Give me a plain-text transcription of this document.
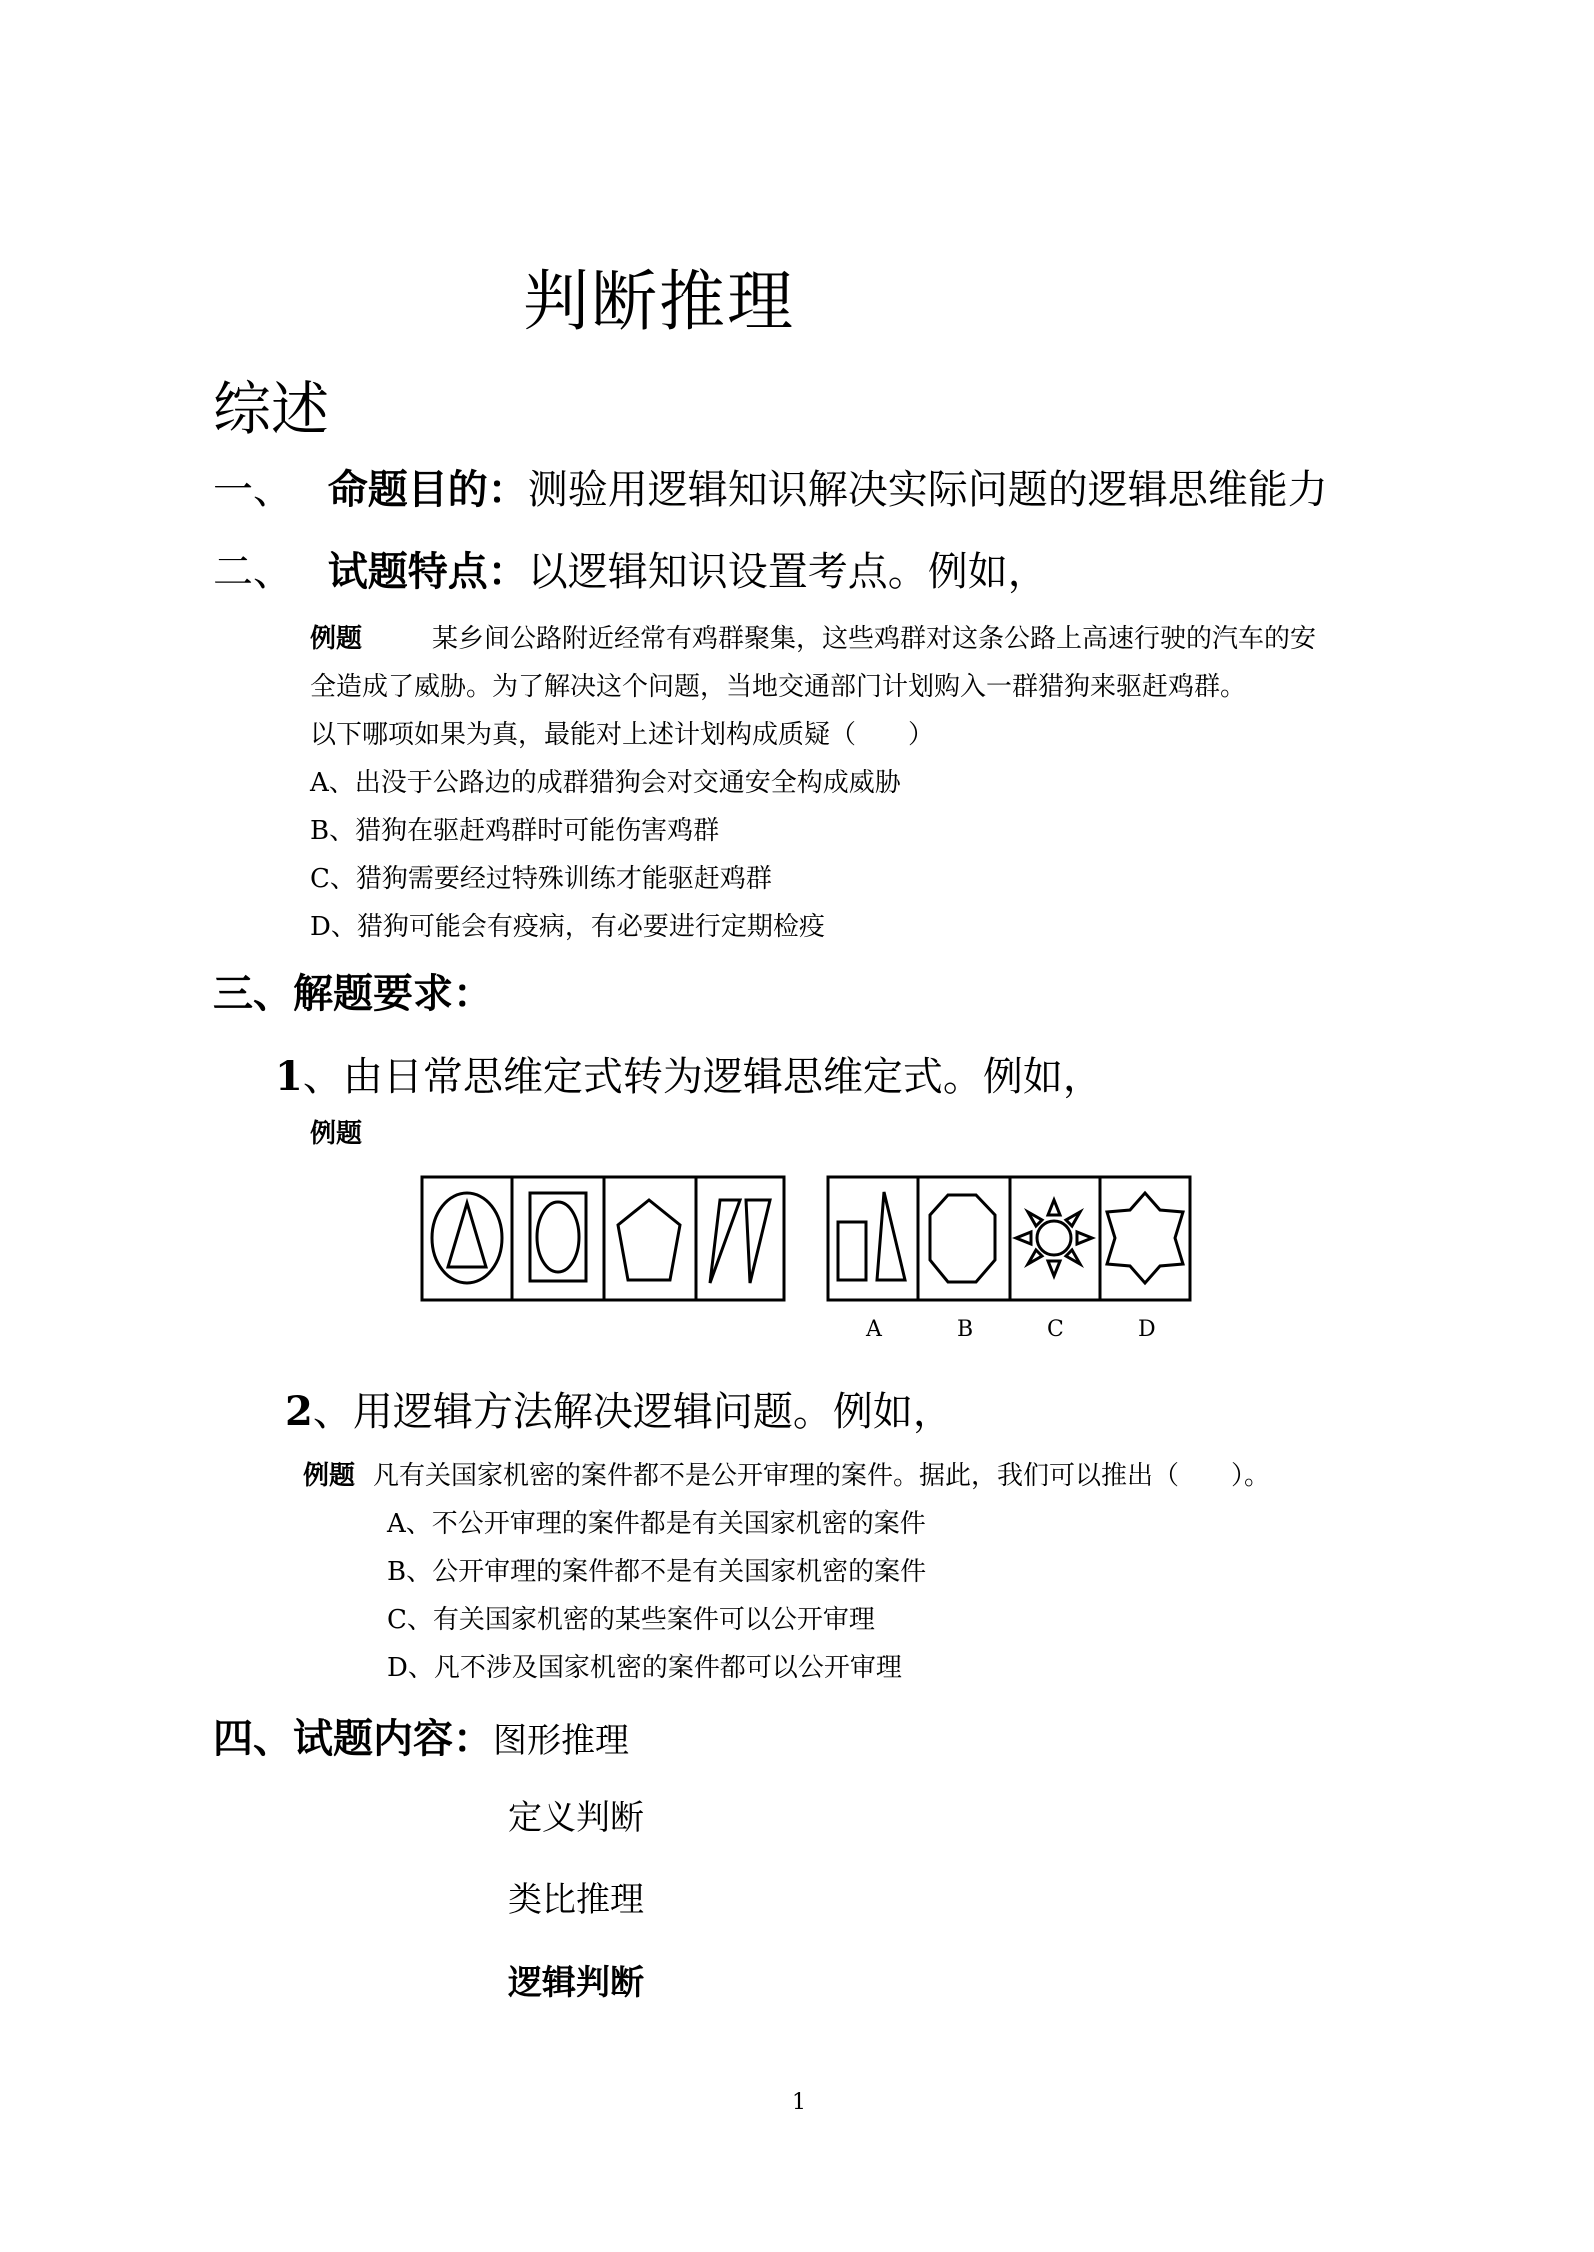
判断推理
综述
一、 命题目的：测验用逻辑知识解决实际问题的逻辑思维能力
二、 试题特点：以逻辑知识设置考点。例如，
例题	某乡间公路附近经常有鸡群聚集，这些鸡群对这条公路上高速行驶的汽车的安
全造成了威胁。为了解决这个问题，当地交通部门计划购入一群猎狗来驱赶鸡群。
以下哪项如果为真，最能对上述计划构成质疑（　　）
A、出没于公路边的成群猎狗会对交通安全构成威胁
B、猎狗在驱赶鸡群时可能伤害鸡群
C、猎狗需要经过特殊训练才能驱赶鸡群
D、猎狗可能会有疫病，有必要进行定期检疫
三、解题要求：
1、由日常思维定式转为逻辑思维定式。例如，
例题
A	B	C	D
2、用逻辑方法解决逻辑问题。例如，
例题 凡有关国家机密的案件都不是公开审理的案件。据此，我们可以推出（　　）。
A、不公开审理的案件都是有关国家机密的案件
B、公开审理的案件都不是有关国家机密的案件
C、有关国家机密的某些案件可以公开审理
D、凡不涉及国家机密的案件都可以公开审理
四、试题内容：图形推理
定义判断
类比推理
逻辑判断
1
